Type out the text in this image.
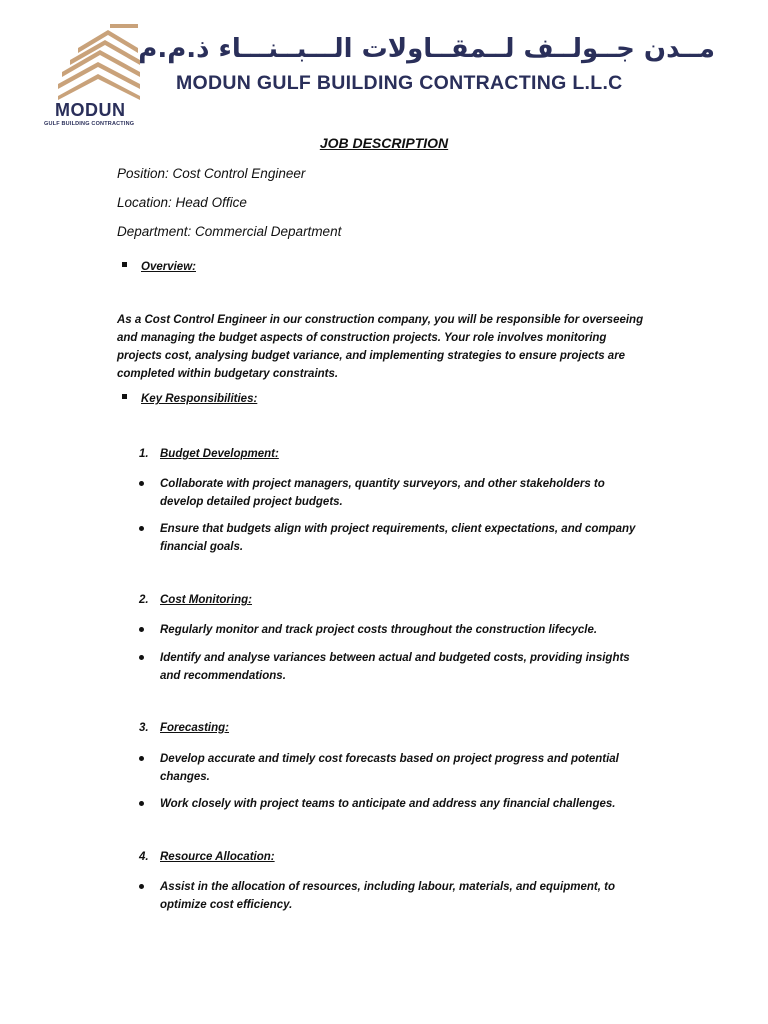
MODUN
GULF BUILDING CONTRACTING
مــدن جــولــف لــمقــاولات الـــبــنـــاء ذ.م.م
MODUN GULF BUILDING CONTRACTING L.L.C
JOB DESCRIPTION
Position: Cost Control Engineer
Location: Head Office
Department: Commercial Department
Overview:
As a Cost Control Engineer in our construction company, you will be responsible for overseeing and managing the budget aspects of construction projects. Your role involves monitoring projects cost, analysing budget variance, and implementing strategies to ensure projects are completed within budgetary constraints.
Key Responsibilities:
1. Budget Development:
Collaborate with project managers, quantity surveyors, and other stakeholders to develop detailed project budgets.
Ensure that budgets align with project requirements, client expectations, and company financial goals.
2. Cost Monitoring:
Regularly monitor and track project costs throughout the construction lifecycle.
Identify and analyse variances between actual and budgeted costs, providing insights and recommendations.
3. Forecasting:
Develop accurate and timely cost forecasts based on project progress and potential changes.
Work closely with project teams to anticipate and address any financial challenges.
4. Resource Allocation:
Assist in the allocation of resources, including labour, materials, and equipment, to optimize cost efficiency.
